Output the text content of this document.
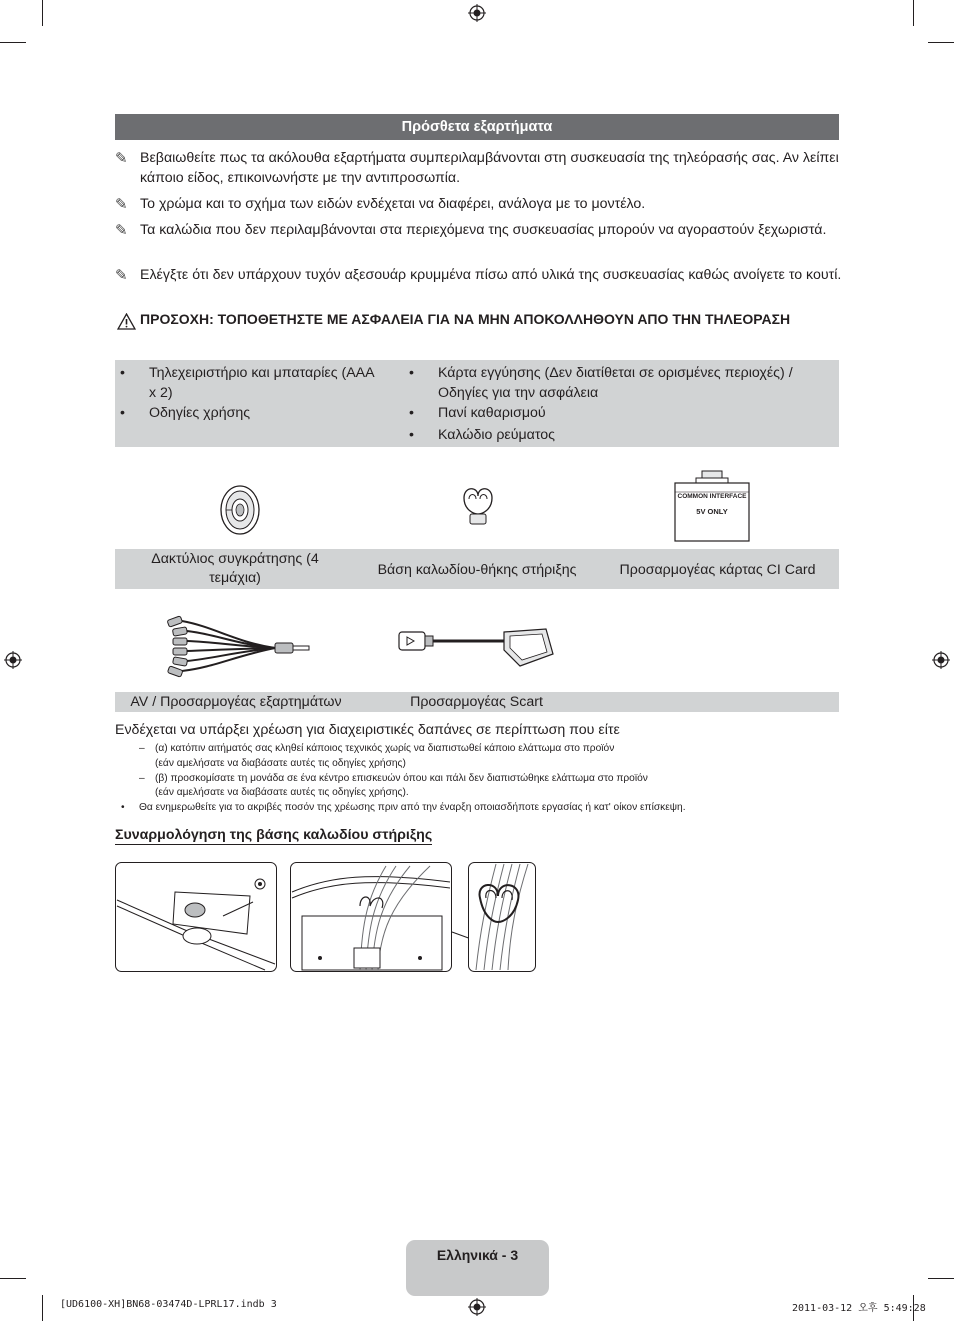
Πρόσθετα εξαρτήματα
✎ Βεβαιωθείτε πως τα ακόλουθα εξαρτήματα συμπεριλαμβάνονται στη συσκευασία της τηλεόρασής σας. Αν λείπει κάποιο είδος, επικοινωνήστε με την αντιπροσωπία.
✎ Το χρώμα και το σχήμα των ειδών ενδέχεται να διαφέρει, ανάλογα με το μοντέλο.
✎ Τα καλώδια που δεν περιλαμβάνονται στα περιεχόμενα της συσκευασίας μπορούν να αγοραστούν ξεχωριστά.
✎ Ελέγξτε ότι δεν υπάρχουν τυχόν αξεσουάρ κρυμμένα πίσω από υλικά της συσκευασίας καθώς ανοίγετε το κουτί.
ΠΡΟΣΟΧΗ: ΤΟΠΟΘΕΤΗΣΤΕ ΜΕ ΑΣΦΑΛΕΙΑ ΓΙΑ ΝΑ ΜΗΝ ΑΠΟΚΟΛΛΗΘΟΥΝ ΑΠΟ ΤΗΝ ΤΗΛΕΟΡΑΣΗ
• Τηλεχειριστήριο και μπαταρίες (AAA x 2)
• Οδηγίες χρήσης
• Κάρτα εγγύησης (Δεν διατίθεται σε ορισμένες περιοχές) / Οδηγίες για την ασφάλεια
• Πανί καθαρισμού
• Καλώδιο ρεύματος
COMMON INTERFACE
5V ONLY
Δακτύλιος συγκράτησης (4 τεμάχια)	Βάση καλωδίου-θήκης στήριξης	Προσαρμογέας κάρτας CI Card
AV / Προσαρμογέας εξαρτημάτων	Προσαρμογέας Scart
Ενδέχεται να υπάρξει χρέωση για διαχειριστικές δαπάνες σε περίπτωση που είτε
– (α) κατόπιν αιτήματός σας κληθεί κάποιος τεχνικός χωρίς να διαπιστωθεί κάποιο ελάττωμα στο προϊόν
(εάν αμελήσατε να διαβάσατε αυτές τις οδηγίες χρήσης)
– (β) προσκομίσατε τη μονάδα σε ένα κέντρο επισκευών όπου και πάλι δεν διαπιστώθηκε ελάττωμα στο προϊόν
(εάν αμελήσατε να διαβάσατε αυτές τις οδηγίες χρήσης).
• Θα ενημερωθείτε για το ακριβές ποσόν της χρέωσης πριν από την έναρξη οποιασδήποτε εργασίας ή κατ' οίκον επίσκεψη.
Συναρμολόγηση της βάσης καλωδίου στήριξης
Ελληνικά - 3
[UD6100-XH]BN68-03474D-LPRL17.indb 3	2011-03-12 오후 5:49:28
